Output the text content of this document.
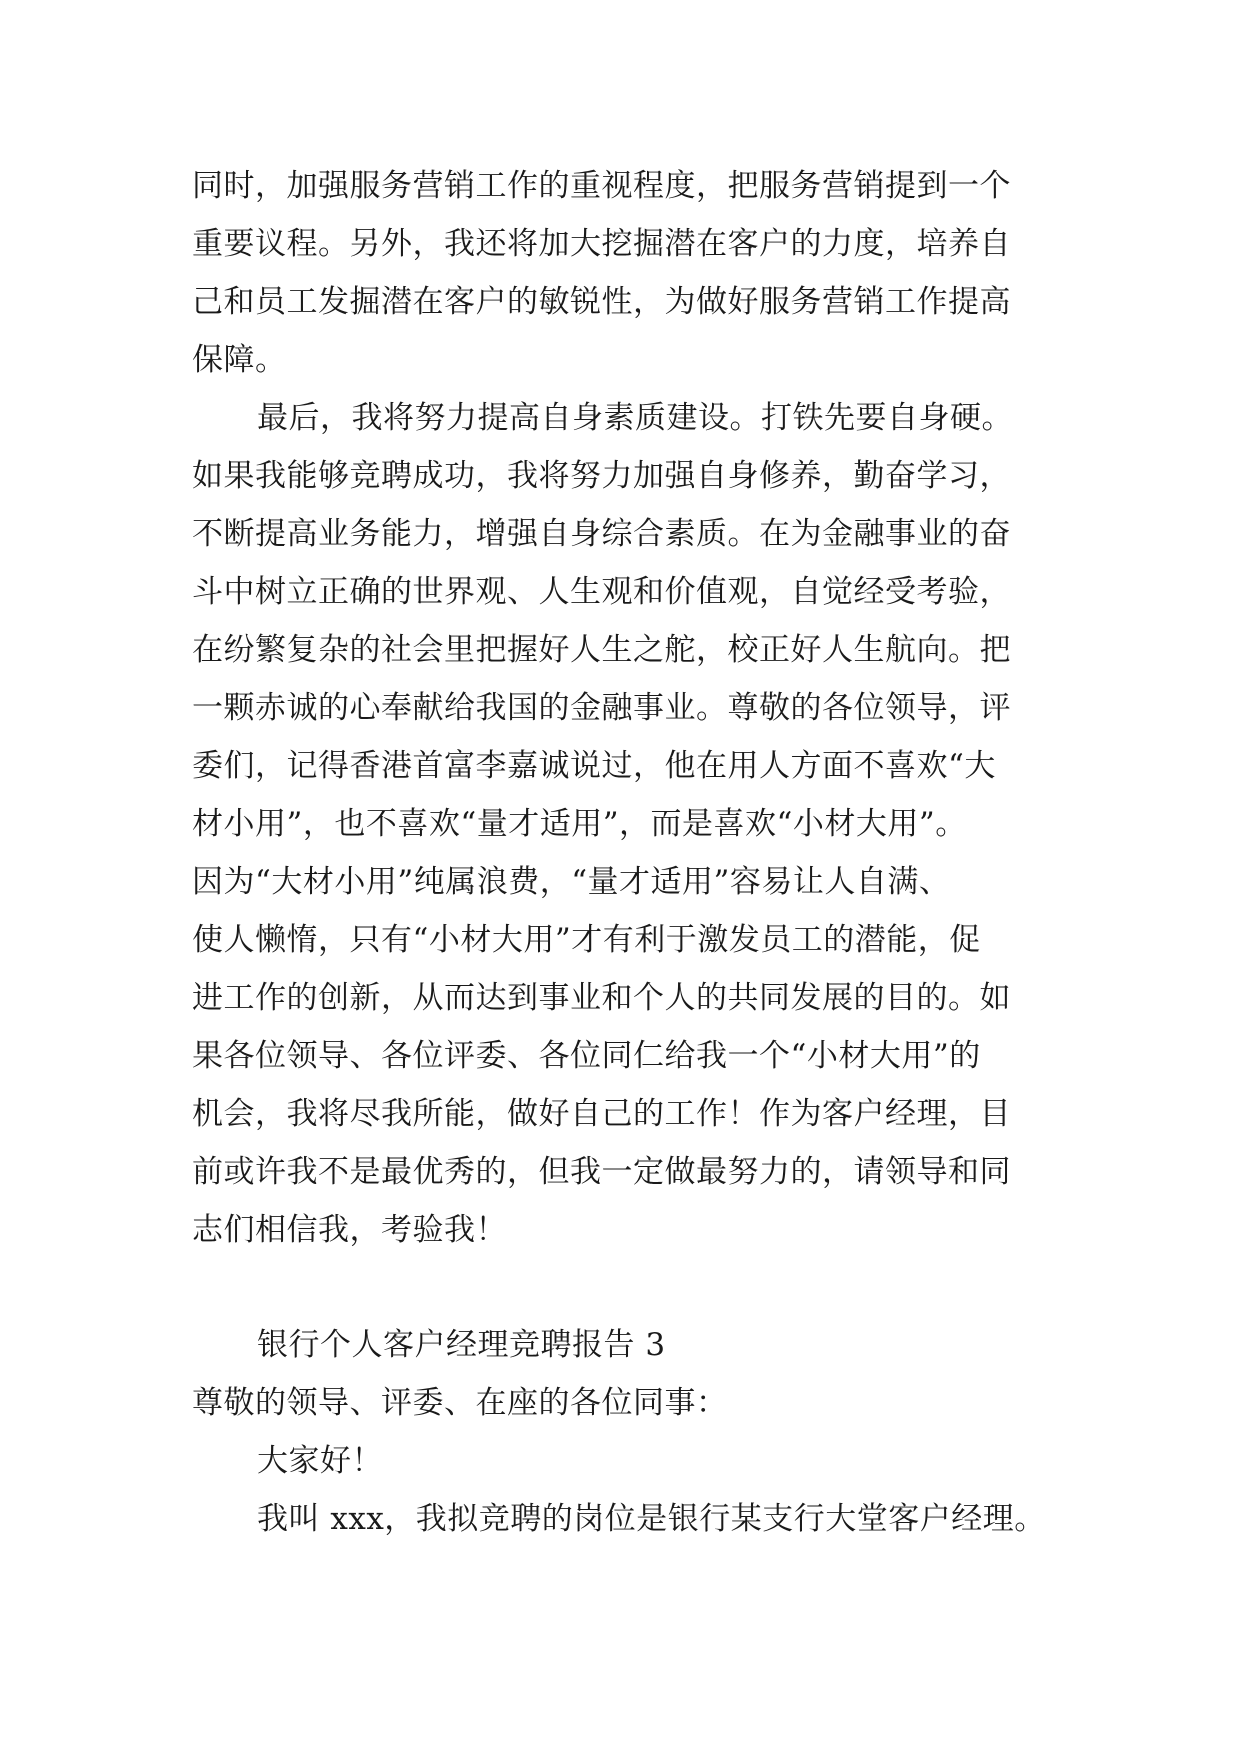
同时，加强服务营销工作的重视程度，把服务营销提到一个
重要议程。另外，我还将加大挖掘潜在客户的力度，培养自
己和员工发掘潜在客户的敏锐性，为做好服务营销工作提高
保障。
最后，我将努力提高自身素质建设。打铁先要自身硬。
如果我能够竞聘成功，我将努力加强自身修养，勤奋学习，
不断提高业务能力，增强自身综合素质。在为金融事业的奋
斗中树立正确的世界观、人生观和价值观，自觉经受考验，
在纷繁复杂的社会里把握好人生之舵，校正好人生航向。把
一颗赤诚的心奉献给我国的金融事业。尊敬的各位领导，评
委们，记得香港首富李嘉诚说过，他在用人方面不喜欢“大
材小用”，也不喜欢“量才适用”，而是喜欢“小材大用”。
因为“大材小用”纯属浪费，“量才适用”容易让人自满、
使人懒惰，只有“小材大用”才有利于激发员工的潜能，促
进工作的创新，从而达到事业和个人的共同发展的目的。如
果各位领导、各位评委、各位同仁给我一个“小材大用”的
机会，我将尽我所能，做好自己的工作！作为客户经理，目
前或许我不是最优秀的，但我一定做最努力的，请领导和同
志们相信我，考验我！
银行个人客户经理竞聘报告 3
尊敬的领导、评委、在座的各位同事：
大家好！
我叫 xxx，我拟竞聘的岗位是银行某支行大堂客户经理。
